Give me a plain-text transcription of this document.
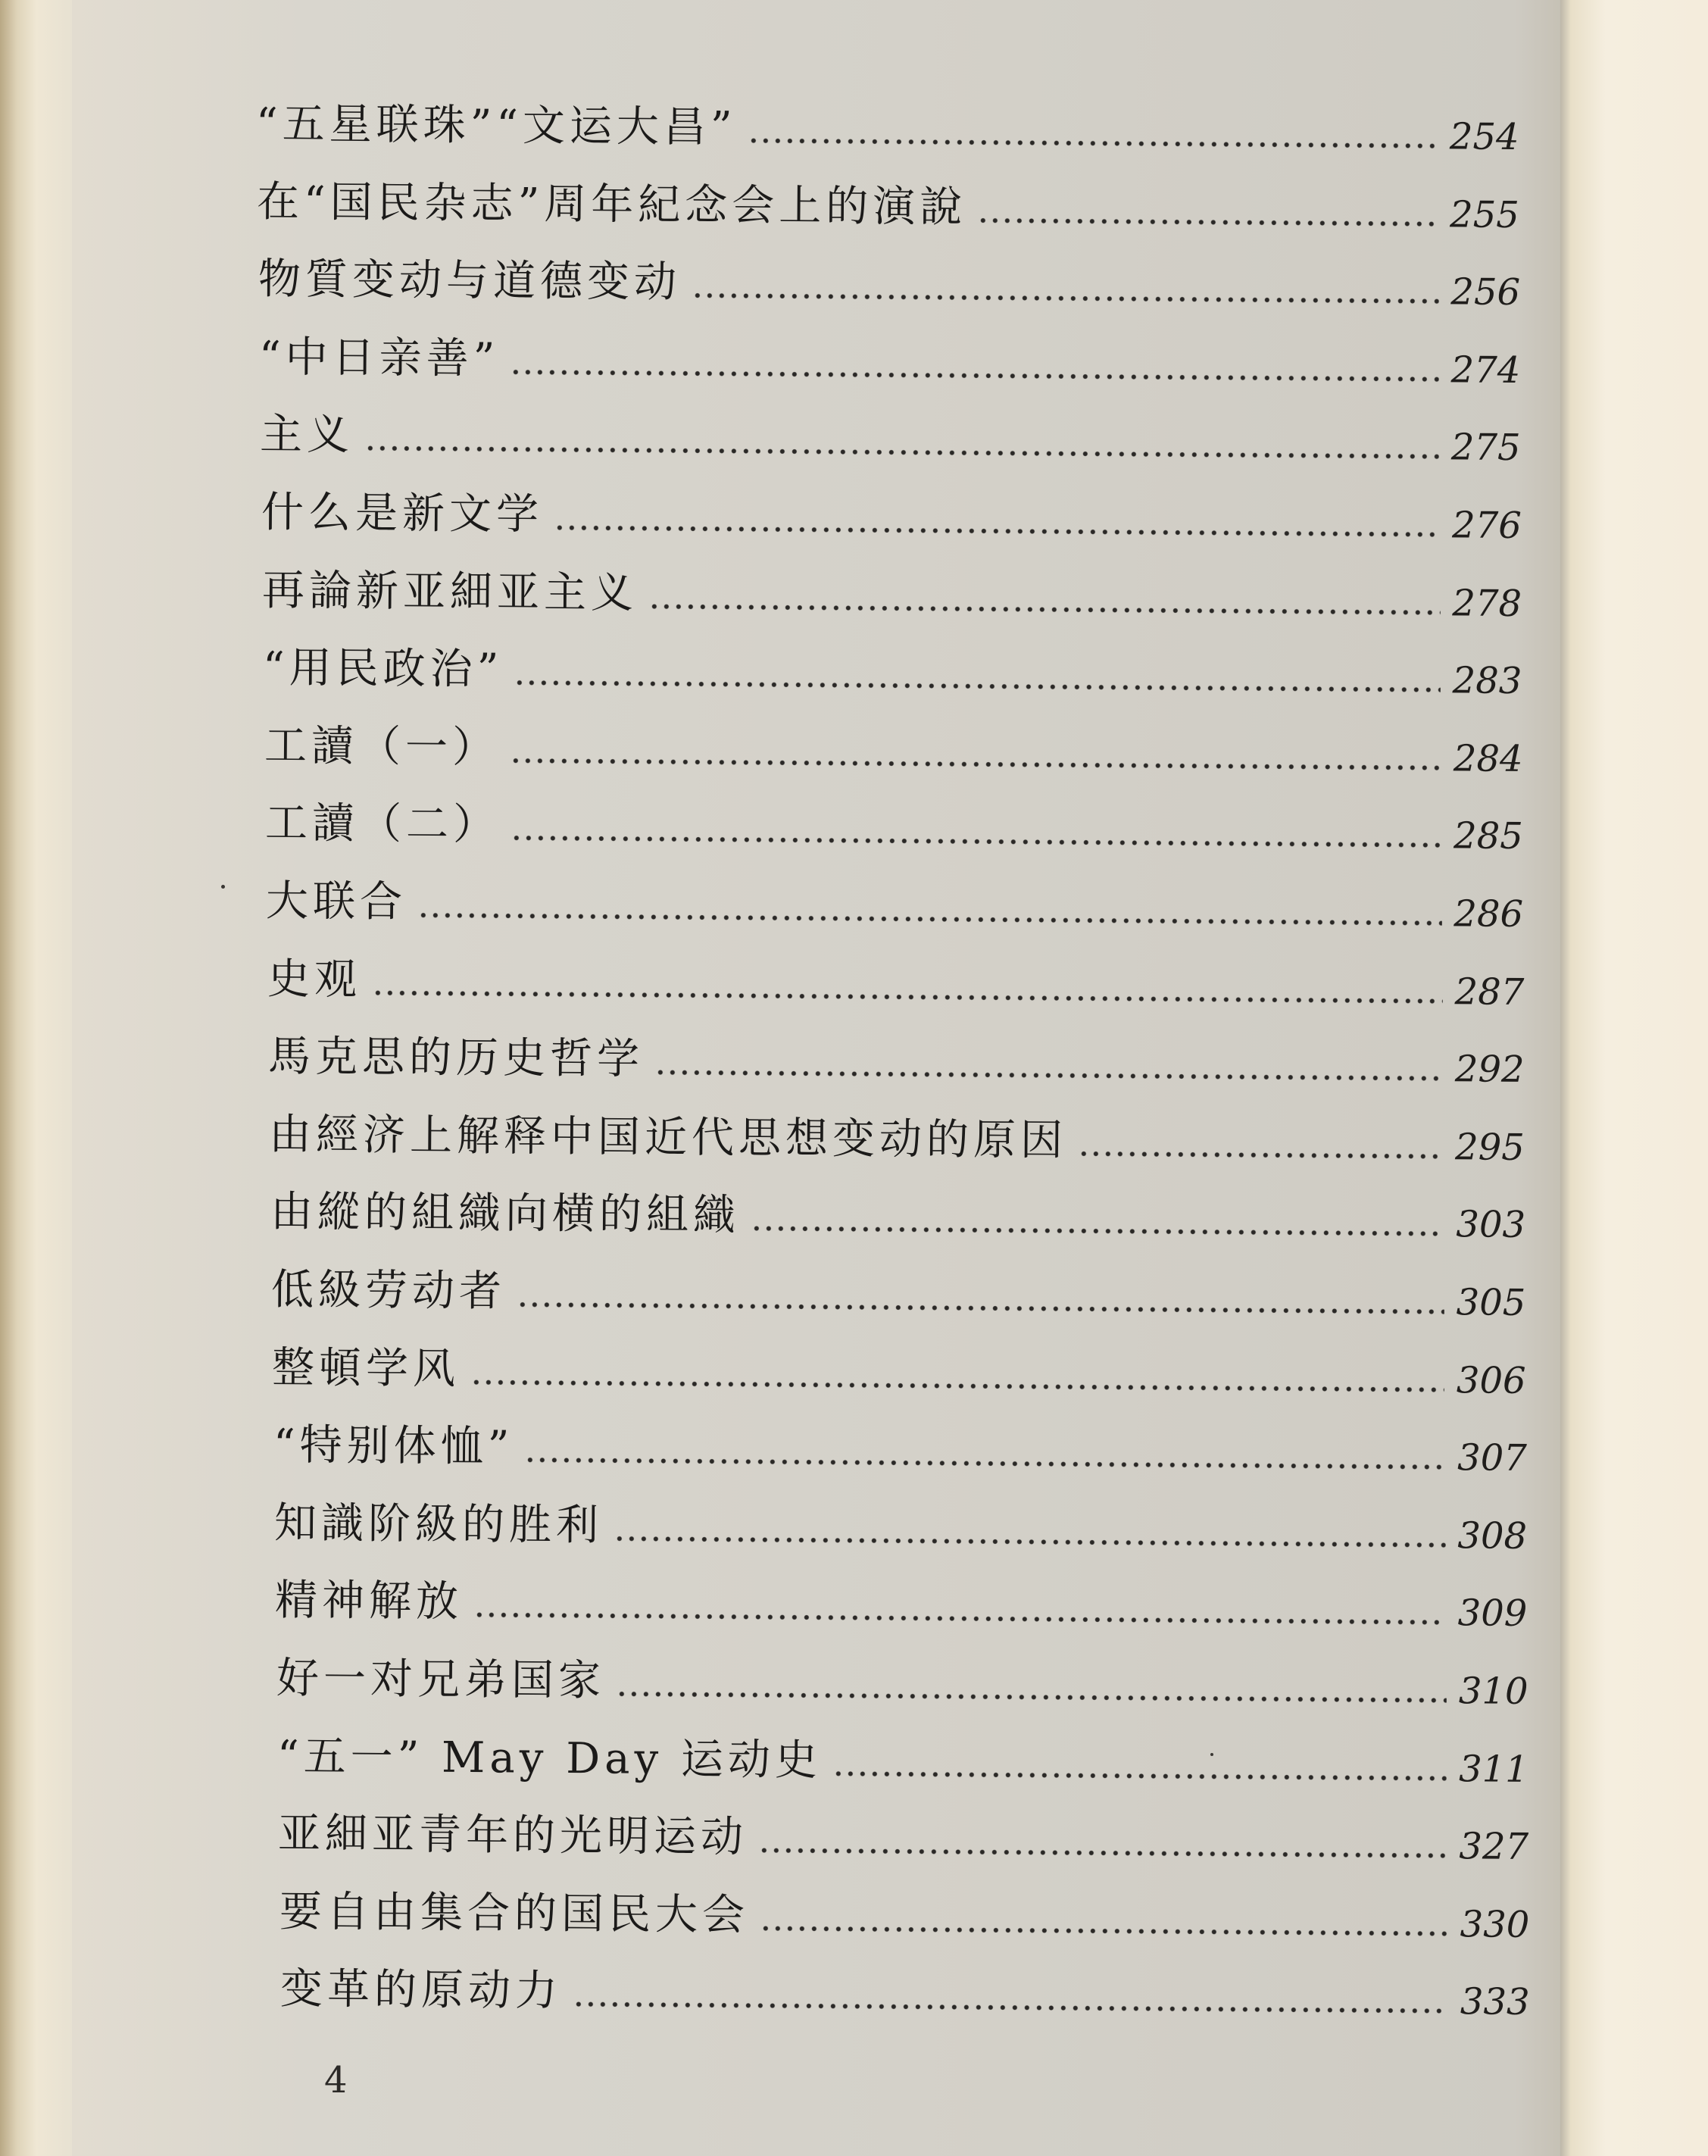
“五星联珠”“文运大昌”	254
在“国民杂志”周年紀念会上的演說	255
物質变动与道德变动	256
“中日亲善”	274
主义	275
什么是新文学	276
再論新亚細亚主义	278
“用民政治”	283
工讀（一）	284
工讀（二）	285
大联合	286
史观	287
馬克思的历史哲学	292
由經济上解释中国近代思想变动的原因	295
由縱的組織向横的組織	303
低級劳动者	305
整頓学风	306
“特别体恤”	307
知識阶級的胜利	308
精神解放	309
好一对兄弟国家	310
“五一” May Day 运动史	311
亚細亚青年的光明运动	327
要自由集合的国民大会	330
变革的原动力	333
4
